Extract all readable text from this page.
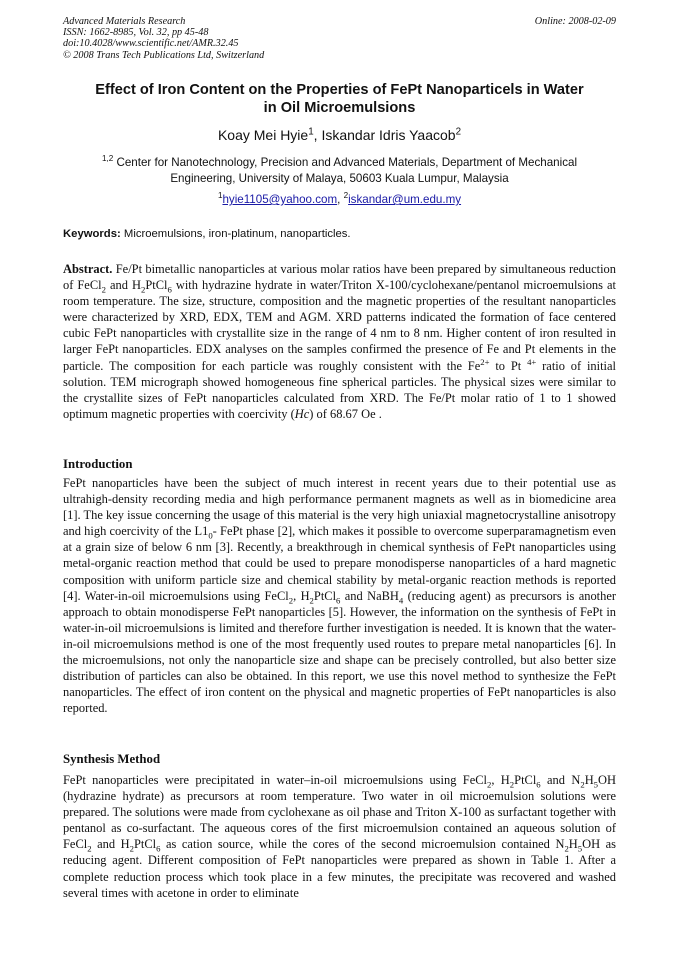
Advanced Materials Research
ISSN: 1662-8985, Vol. 32, pp 45-48
doi:10.4028/www.scientific.net/AMR.32.45
© 2008 Trans Tech Publications Ltd, Switzerland
Online: 2008-02-09
Effect of Iron Content on the Properties of FePt Nanoparticels in Water
in Oil Microemulsions
Koay Mei Hyie$^1$, Iskandar Idris Yaacob$^2$
$^{1,2}$ Center for Nanotechnology, Precision and Advanced Materials, Department of Mechanical
Engineering, University of Malaya, 50603 Kuala Lumpur, Malaysia
$^1$hyie1105@yahoo.com, $^2$iskandar@um.edu.my
Keywords: Microemulsions, iron-platinum, nanoparticles.
Abstract. Fe/Pt bimetallic nanoparticles at various molar ratios have been prepared by simultaneous reduction of FeCl$_2$ and $H_2PtCl_6$ with hydrazine hydrate in water/Triton X-100/cyclohexane/pentanol microemulsions at room temperature. The size, structure, composition and the magnetic properties of the resultant nanoparticles were characterized by XRD, EDX, TEM and AGM. XRD patterns indicated the formation of face centered cubic FePt nanoparticles with crystallite size in the range of 4 nm to 8 nm. Higher content of iron resulted in larger FePt nanoparticles. EDX analyses on the samples confirmed the presence of Fe and Pt elements in the particle. The composition for each particle was roughly consistent with the $Fe^{2+}$ to Pt $^{4+}$ ratio of initial solution. TEM micrograph showed homogeneous fine spherical particles. The physical sizes were similar to the crystallite sizes of FePt nanoparticles calculated from XRD. The Fe/Pt molar ratio of 1 to 1 showed optimum magnetic properties with coercivity (Hc) of 68.67 Oe .
Introduction
FePt nanoparticles have been the subject of much interest in recent years due to their potential use as ultrahigh-density recording media and high performance permanent magnets as well as in biomedicine area [1]. The key issue concerning the usage of this material is the very high uniaxial magnetocrystalline anisotropy and high coercivity of the $L1_0-$ FePt phase [2], which makes it possible to overcome superparamagnetism even at a grain size of below 6 nm [3]. Recently, a breakthrough in chemical synthesis of FePt nanoparticles using metal-organic reaction method that could be used to prepare monodisperse nanoparticles of a hard magnetic composition with uniform particle size and chemical stability by metal-organic reaction methods is reported [4]. Water-in-oil microemulsions using FeCl$_2$, $H_2PtCl_6$ and NaBH$_4$ (reducing agent) as precursors is another approach to obtain monodisperse FePt nanoparticles [5]. However, the information on the synthesis of FePt in water-in-oil microemulsions is limited and therefore further investigation is needed. It is known that the water-in-oil microemulsions method is one of the most frequently used routes to prepare metal nanoparticles [6]. In the microemulsions, not only the nanoparticle size and shape can be precisely controlled, but also better size distribution of particles can also be obtained. In this report, we use this novel method to synthesize the FePt nanoparticles. The effect of iron content on the physical and magnetic properties of FePt nanoparticles is also reported.
Synthesis Method
FePt nanoparticles were precipitated in water–in-oil microemulsions using FeCl$_2$, $H_2PtCl_6$ and $N_2H_5OH$ (hydrazine hydrate) as precursors at room temperature. Two water in oil microemulsion solutions were prepared. The solutions were made from cyclohexane as oil phase and Triton X-100 as surfactant together with pentanol as co-surfactant. The aqueous cores of the first microemulsion contained an aqueous solution of FeCl$_2$ and $H_2PtCl_6$ as cation source, while the cores of the second microemulsion contained $N_2H_5OH$ as reducing agent. Different composition of FePt nanoparticles were prepared as shown in Table 1. After a complete reduction process which took place in a few minutes, the precipitate was recovered and washed several times with acetone in order to eliminate
